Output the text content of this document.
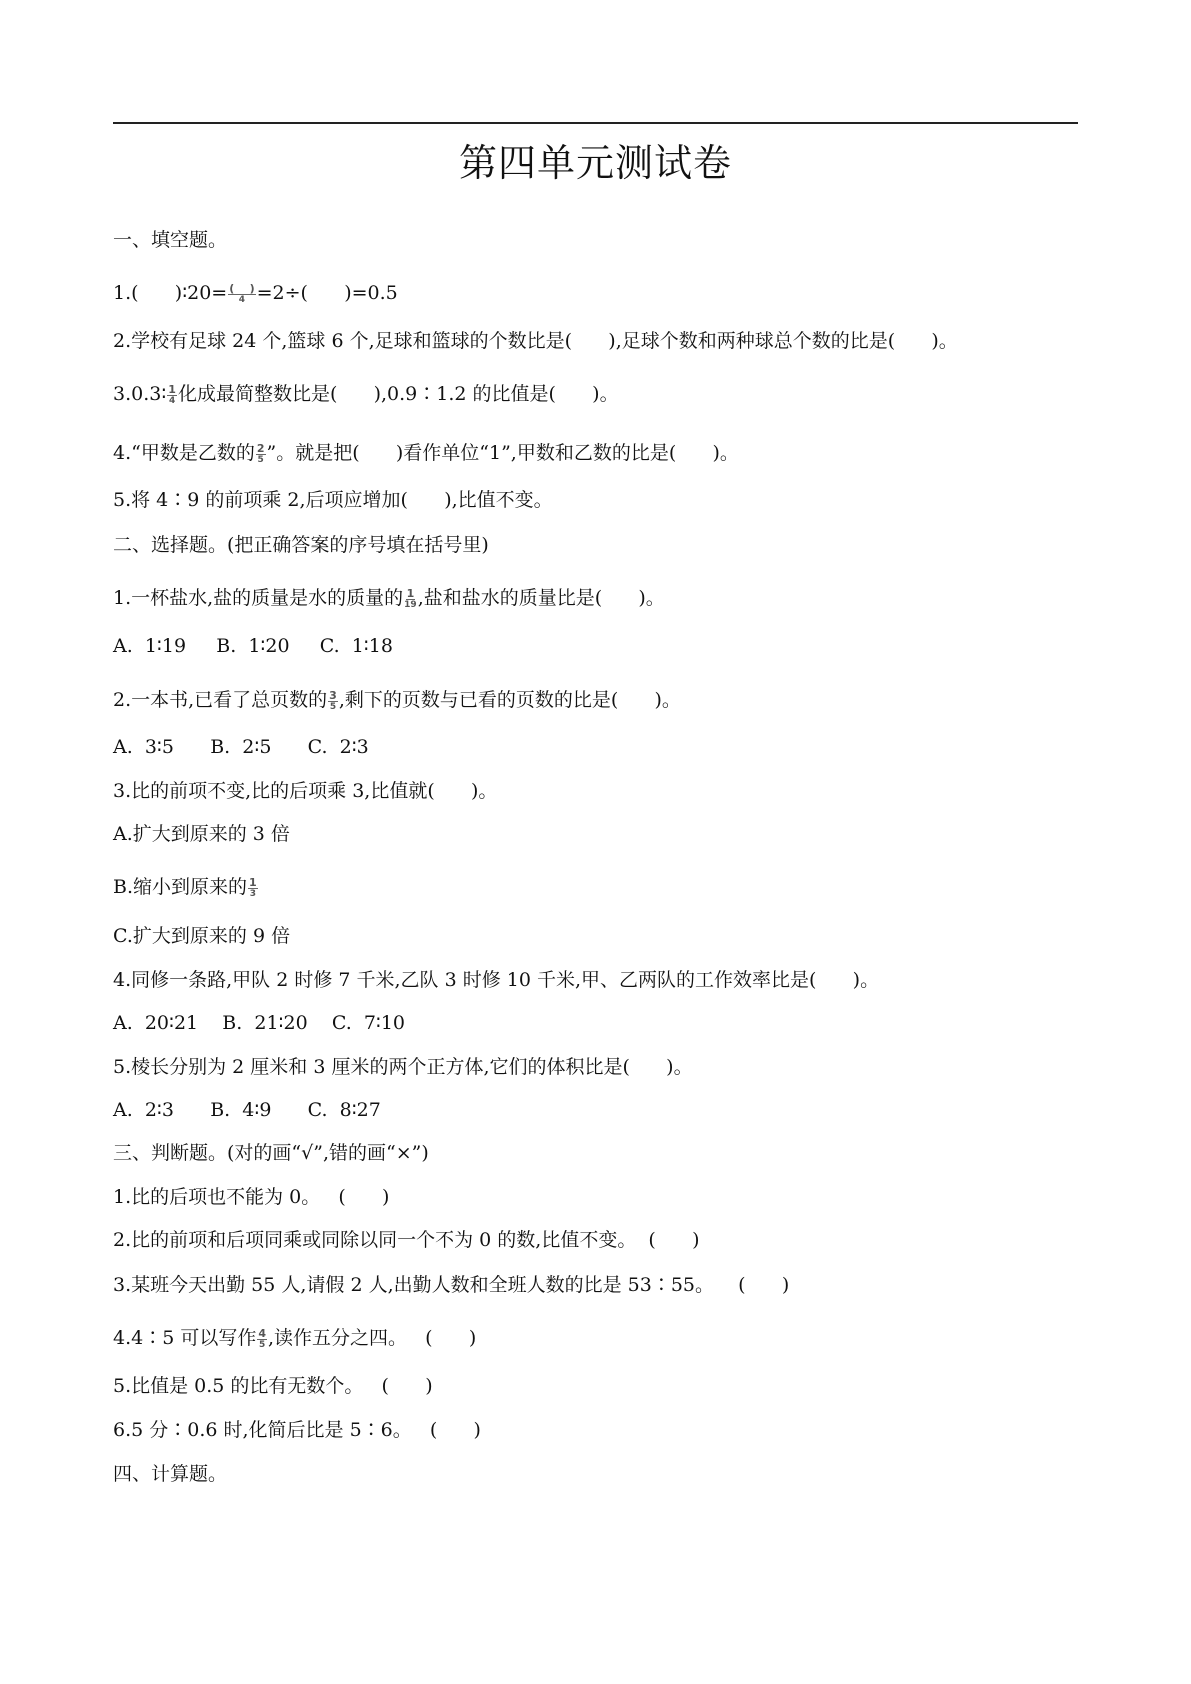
第四单元测试卷
一、填空题。
1.(      )∶20= $\frac{( )}{4} =2\div$(      )=0.5
2.学校有足球 24 个,篮球 6 个,足球和篮球的个数比是(      ),足球个数和两种球总个数的比是(      )。
3.0.3∶ $\frac{1}{4}$ 化成最简整数比是(      ),0.9∶1.2 的比值是(      )。
4.“甲数是乙数的 $\frac{2}{5}$ ”。就是把(      )看作单位“1”,甲数和乙数的比是(      )。
5.将 4∶9 的前项乘 2,后项应增加(      ),比值不变。
二、选择题。(把正确答案的序号填在括号里)
1.一杯盐水,盐的质量是水的质量的 $\frac{1}{19}$ ,盐和盐水的质量比是(      )。
A.  1∶19     B.  1∶20     C.  1∶18
2.一本书,已看了总页数的 $\frac{3}{5}$ ,剩下的页数与已看的页数的比是(      )。
A.  3∶5      B.  2∶5      C.  2∶3
3.比的前项不变,比的后项乘 3,比值就(      )。
A.扩大到原来的 3 倍
B.缩小到原来的 $\frac{1}{3}$
C.扩大到原来的 9 倍
4.同修一条路,甲队 2 时修 7 千米,乙队 3 时修 10 千米,甲、乙两队的工作效率比是(      )。
A.  20∶21    B.  21∶20    C.  7∶10
5.棱长分别为 2 厘米和 3 厘米的两个正方体,它们的体积比是(      )。
A.  2∶3      B.  4∶9      C.  8∶27
三、判断题。(对的画“√”,错的画“×”)
1.比的后项也不能为 0。   (      )
2.比的前项和后项同乘或同除以同一个不为 0 的数,比值不变。  (      )
3.某班今天出勤 55 人,请假 2 人,出勤人数和全班人数的比是 53∶55。    (      )
4.4∶5 可以写作 $\frac{4}{5}$ ,读作五分之四。   (      )
5.比值是 0.5 的比有无数个。   (      )
6.5 分∶0.6 时,化简后比是 5∶6。   (      )
四、计算题。
